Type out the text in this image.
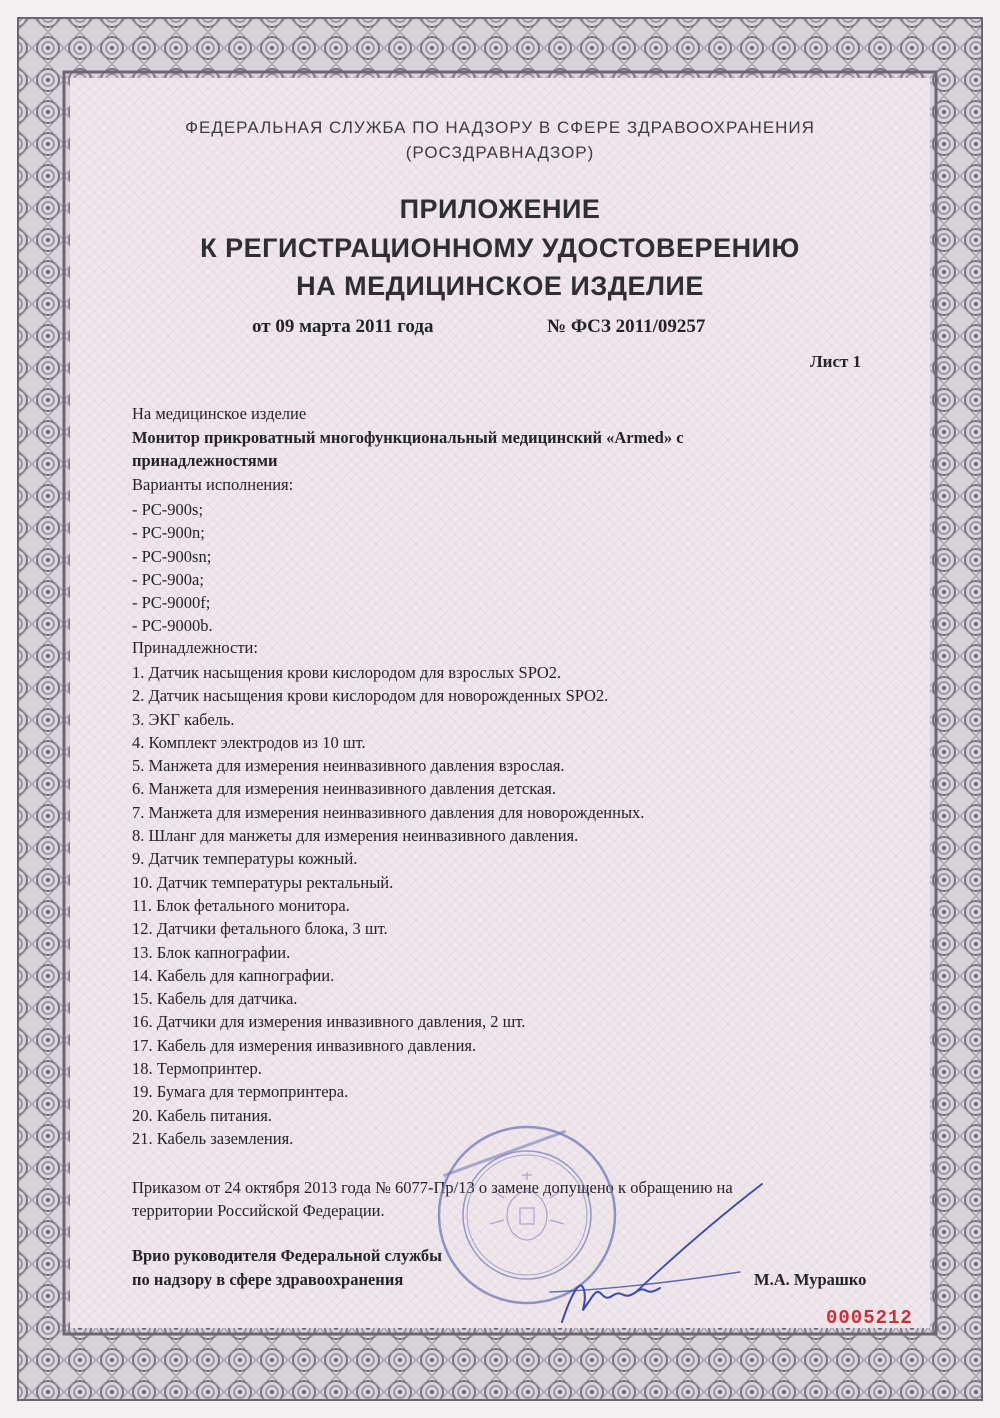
ФЕДЕРАЛЬНАЯ СЛУЖБА ПО НАДЗОРУ В СФЕРЕ ЗДРАВООХРАНЕНИЯ
(РОСЗДРАВНАДЗОР)
ПРИЛОЖЕНИЕ
К РЕГИСТРАЦИОННОМУ УДОСТОВЕРЕНИЮ
НА МЕДИЦИНСКОЕ ИЗДЕЛИЕ
от 09 марта 2011 года	№ ФСЗ 2011/09257
Лист 1
На медицинское изделие
Монитор прикроватный многофункциональный медицинский «Armed» с
принадлежностями
Варианты исполнения:
- PC-900s;
- PC-900n;
- PC-900sn;
- PC-900a;
- PC-9000f;
- PC-9000b.
Принадлежности:
1. Датчик насыщения крови кислородом для взрослых SPO2.
2. Датчик насыщения крови кислородом для новорожденных SPO2.
3. ЭКГ кабель.
4. Комплект электродов из 10 шт.
5. Манжета для измерения неинвазивного давления взрослая.
6. Манжета для измерения неинвазивного давления детская.
7. Манжета для измерения неинвазивного давления для новорожденных.
8. Шланг для манжеты для измерения неинвазивного давления.
9. Датчик температуры кожный.
10. Датчик температуры ректальный.
11. Блок фетального монитора.
12. Датчики фетального блока, 3 шт.
13. Блок капнографии.
14. Кабель для капнографии.
15. Кабель для датчика.
16. Датчики для измерения инвазивного давления, 2 шт.
17. Кабель для измерения инвазивного давления.
18. Термопринтер.
19. Бумага для термопринтера.
20. Кабель питания.
21. Кабель заземления.
Приказом от 24 октября 2013 года № 6077-Пр/13 о замене допущено к обращению на
территории Российской Федерации.
Врио руководителя Федеральной службы
по надзору в сфере здравоохранения	М.А. Мурашко
0005212
